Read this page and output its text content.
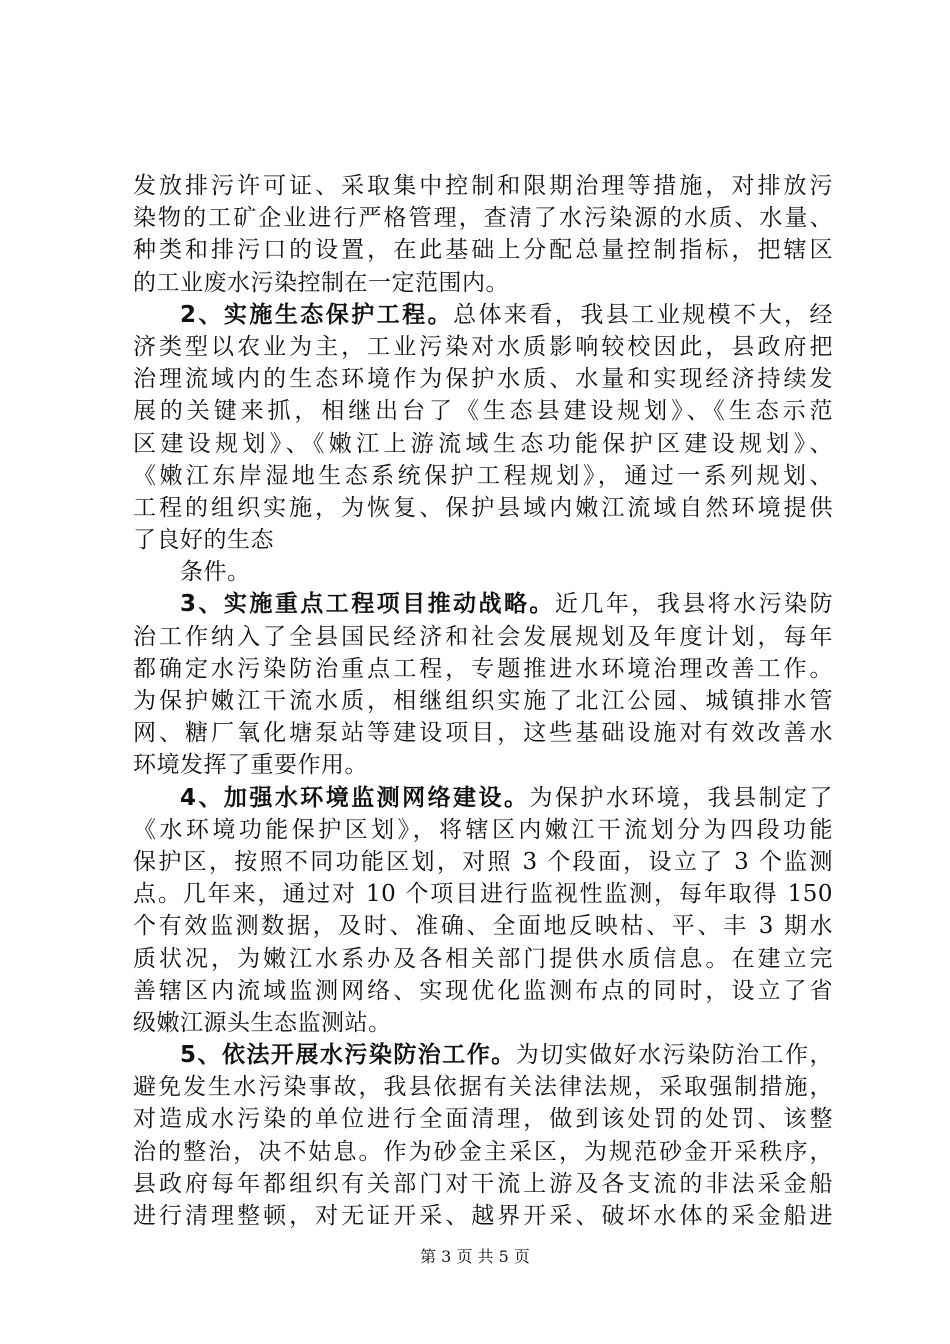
发放排污许可证、采取集中控制和限期治理等措施，对排放污
染物的工矿企业进行严格管理，查清了水污染源的水质、水量、
种类和排污口的设置，在此基础上分配总量控制指标，把辖区
的工业废水污染控制在一定范围内。
2、实施生态保护工程。总体来看，我县工业规模不大，经
济类型以农业为主，工业污染对水质影响较校因此，县政府把
治理流域内的生态环境作为保护水质、水量和实现经济持续发
展的关键来抓，相继出台了《生态县建设规划》、《生态示范
区建设规划》、《嫩江上游流域生态功能保护区建设规划》、
《嫩江东岸湿地生态系统保护工程规划》，通过一系列规划、
工程的组织实施，为恢复、保护县域内嫩江流域自然环境提供
了良好的生态
条件。
3、实施重点工程项目推动战略。近几年，我县将水污染防
治工作纳入了全县国民经济和社会发展规划及年度计划，每年
都确定水污染防治重点工程，专题推进水环境治理改善工作。
为保护嫩江干流水质，相继组织实施了北江公园、城镇排水管
网、糖厂氧化塘泵站等建设项目，这些基础设施对有效改善水
环境发挥了重要作用。
4、加强水环境监测网络建设。为保护水环境，我县制定了
《水环境功能保护区划》，将辖区内嫩江干流划分为四段功能
保护区，按照不同功能区划，对照 3 个段面，设立了 3 个监测
点。几年来，通过对 10 个项目进行监视性监测，每年取得 150
个有效监测数据，及时、准确、全面地反映枯、平、丰 3 期水
质状况，为嫩江水系办及各相关部门提供水质信息。在建立完
善辖区内流域监测网络、实现优化监测布点的同时，设立了省
级嫩江源头生态监测站。
5、依法开展水污染防治工作。为切实做好水污染防治工作，
避免发生水污染事故，我县依据有关法律法规，采取强制措施，
对造成水污染的单位进行全面清理，做到该处罚的处罚、该整
治的整治，决不姑息。作为砂金主采区，为规范砂金开采秩序，
县政府每年都组织有关部门对干流上游及各支流的非法采金船
进行清理整顿，对无证开采、越界开采、破坏水体的采金船进
第 3 页 共 5 页
